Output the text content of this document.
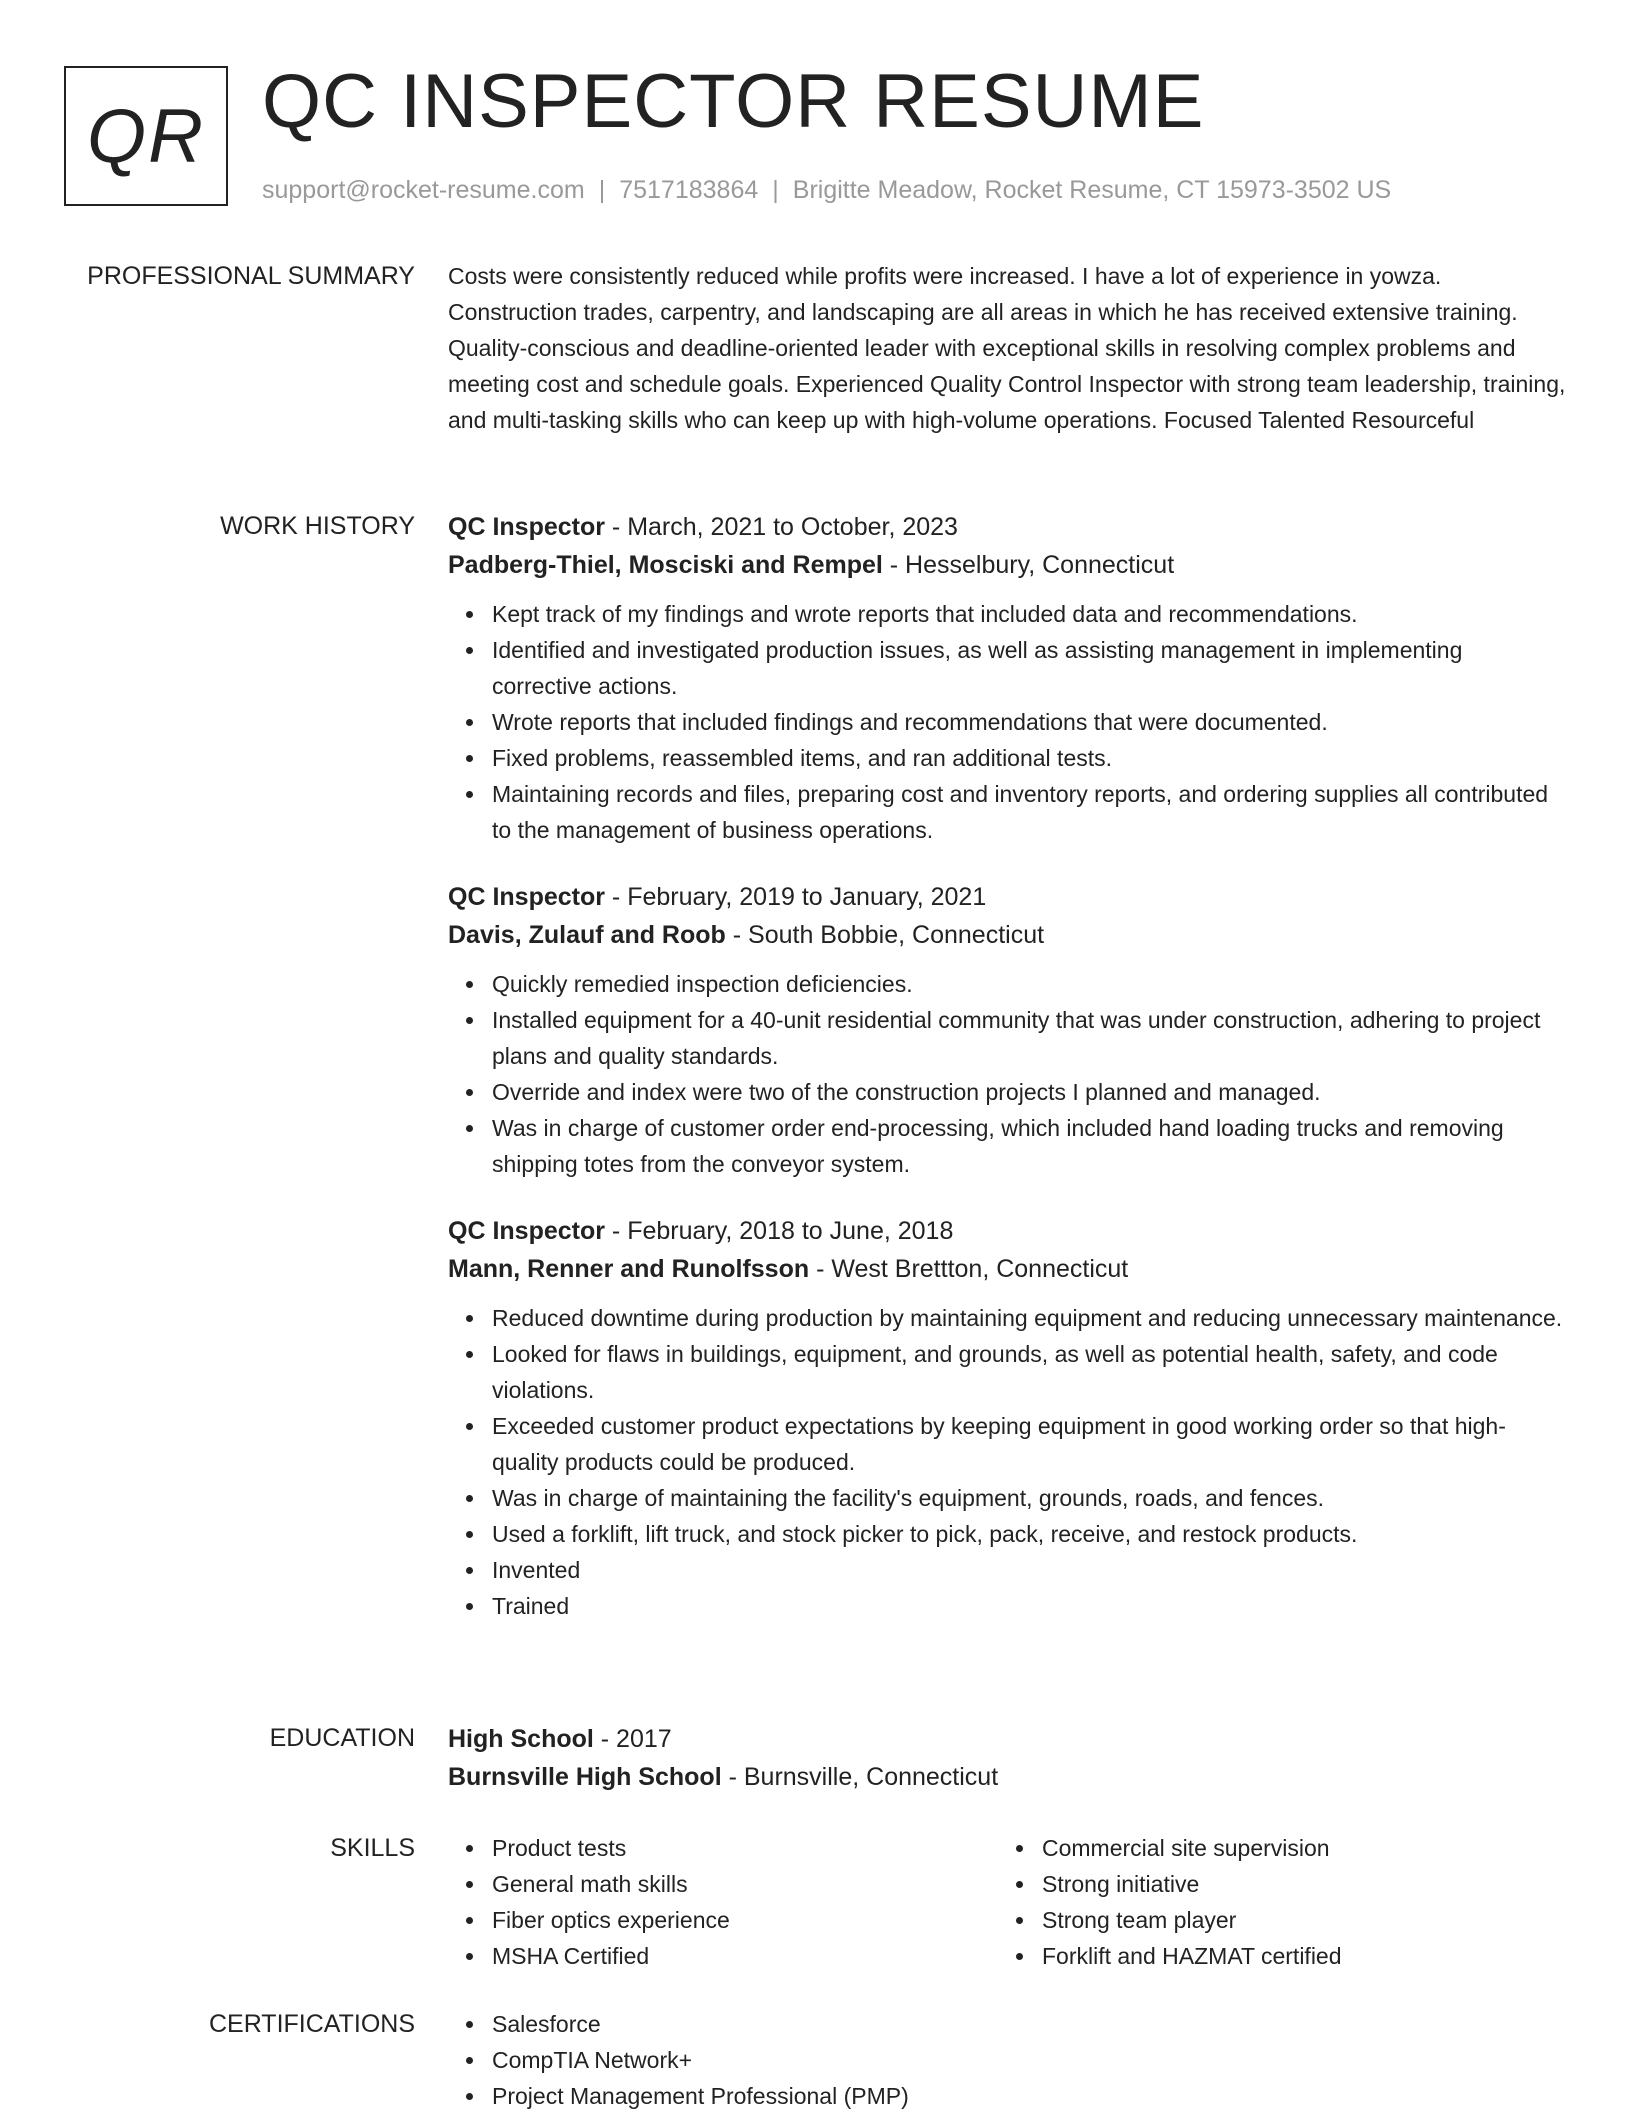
QR QC INSPECTOR RESUME
support@rocket-resume.com | 7517183864 | Brigitte Meadow, Rocket Resume, CT 15973-3502 US
PROFESSIONAL SUMMARY Costs were consistently reduced while profits were increased. I have a lot of experience in yowza. Construction trades, carpentry, and landscaping are all areas in which he has received extensive training. Quality-conscious and deadline-oriented leader with exceptional skills in resolving complex problems and meeting cost and schedule goals. Experienced Quality Control Inspector with strong team leadership, training, and multi-tasking skills who can keep up with high-volume operations. Focused Talented Resourceful

WORK HISTORY QC Inspector - March, 2021 to October, 2023
Padberg-Thiel, Mosciski and Rempel - Hesselbury, Connecticut
Kept track of my findings and wrote reports that included data and recommendations.
Identified and investigated production issues, as well as assisting management in implementing corrective actions.
Wrote reports that included findings and recommendations that were documented.
Fixed problems, reassembled items, and ran additional tests.
Maintaining records and files, preparing cost and inventory reports, and ordering supplies all contributed to the management of business operations.
QC Inspector - February, 2019 to January, 2021
Davis, Zulauf and Roob - South Bobbie, Connecticut
Quickly remedied inspection deficiencies.
Installed equipment for a 40-unit residential community that was under construction, adhering to project plans and quality standards.
Override and index were two of the construction projects I planned and managed.
Was in charge of customer order end-processing, which included hand loading trucks and removing shipping totes from the conveyor system.
QC Inspector - February, 2018 to June, 2018
Mann, Renner and Runolfsson - West Brettton, Connecticut
Reduced downtime during production by maintaining equipment and reducing unnecessary maintenance.
Looked for flaws in buildings, equipment, and grounds, as well as potential health, safety, and code violations.
Exceeded customer product expectations by keeping equipment in good working order so that high-quality products could be produced.
Was in charge of maintaining the facility's equipment, grounds, roads, and fences.
Used a forklift, lift truck, and stock picker to pick, pack, receive, and restock products.
Invented
Trained
EDUCATION High School - 2017
Burnsville High School - Burnsville, Connecticut
SKILLS	Product tests
General math skills
Fiber optics experience
MSHA Certified
Commercial site supervision
Strong initiative
Strong team player
Forklift and HAZMAT certified
CERTIFICATIONS	Salesforce
CompTIA Network+
Project Management Professional (PMP)
